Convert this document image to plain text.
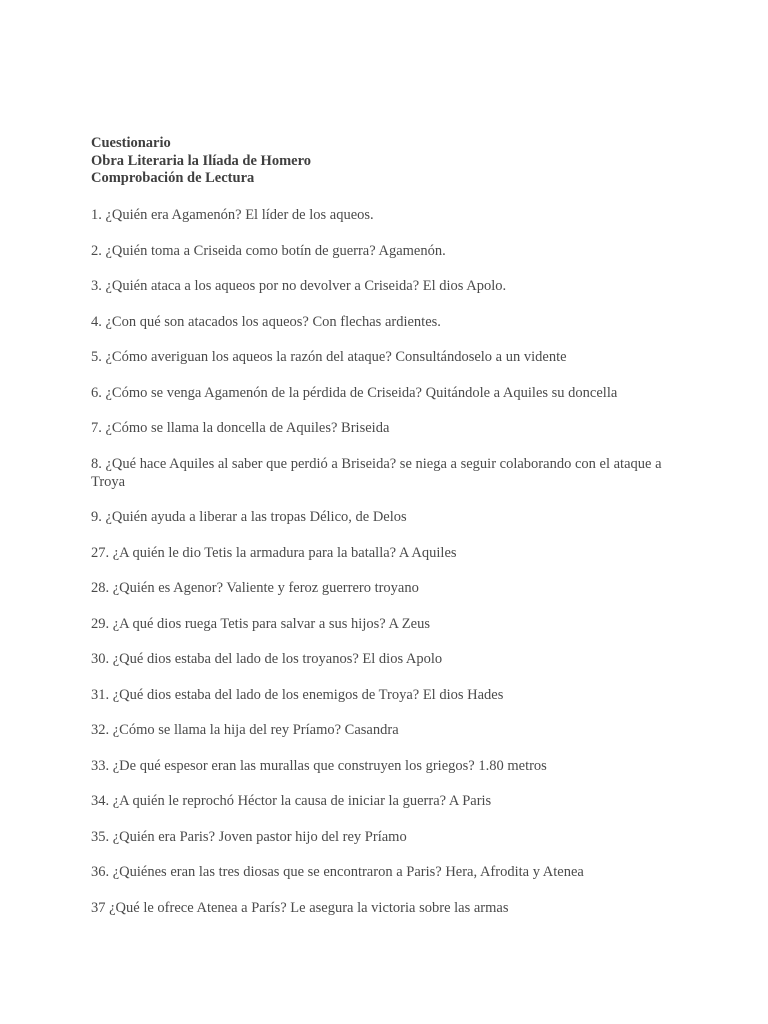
Cuestionario
Obra Literaria la Ilíada de Homero
Comprobación de Lectura
1. ¿Quién era Agamenón? El líder de los aqueos.
2. ¿Quién toma a Criseida como botín de guerra? Agamenón.
3. ¿Quién ataca a los aqueos por no devolver a Criseida? El dios Apolo.
4. ¿Con qué son atacados los aqueos? Con flechas ardientes.
5. ¿Cómo averiguan los aqueos la razón del ataque? Consultándoselo a un vidente
6. ¿Cómo se venga Agamenón de la pérdida de Criseida? Quitándole a Aquiles su doncella
7. ¿Cómo se llama la doncella de Aquiles? Briseida
8. ¿Qué hace Aquiles al saber que perdió a Briseida? se niega a seguir colaborando con el ataque a Troya
9. ¿Quién ayuda a liberar a las tropas Délico, de Delos
27. ¿A quién le dio Tetis la armadura para la batalla? A Aquiles
28. ¿Quién es Agenor? Valiente y feroz guerrero troyano
29. ¿A qué dios ruega Tetis para salvar a sus hijos? A Zeus
30. ¿Qué dios estaba del lado de los troyanos? El dios Apolo
31. ¿Qué dios estaba del lado de los enemigos de Troya? El dios Hades
32. ¿Cómo se llama la hija del rey Príamo? Casandra
33. ¿De qué espesor eran las murallas que construyen los griegos? 1.80 metros
34. ¿A quién le reprochó Héctor la causa de iniciar la guerra? A Paris
35. ¿Quién era Paris? Joven pastor hijo del rey Príamo
36. ¿Quiénes eran las tres diosas que se encontraron a Paris? Hera, Afrodita y Atenea
37 ¿Qué le ofrece Atenea a París? Le asegura la victoria sobre las armas
